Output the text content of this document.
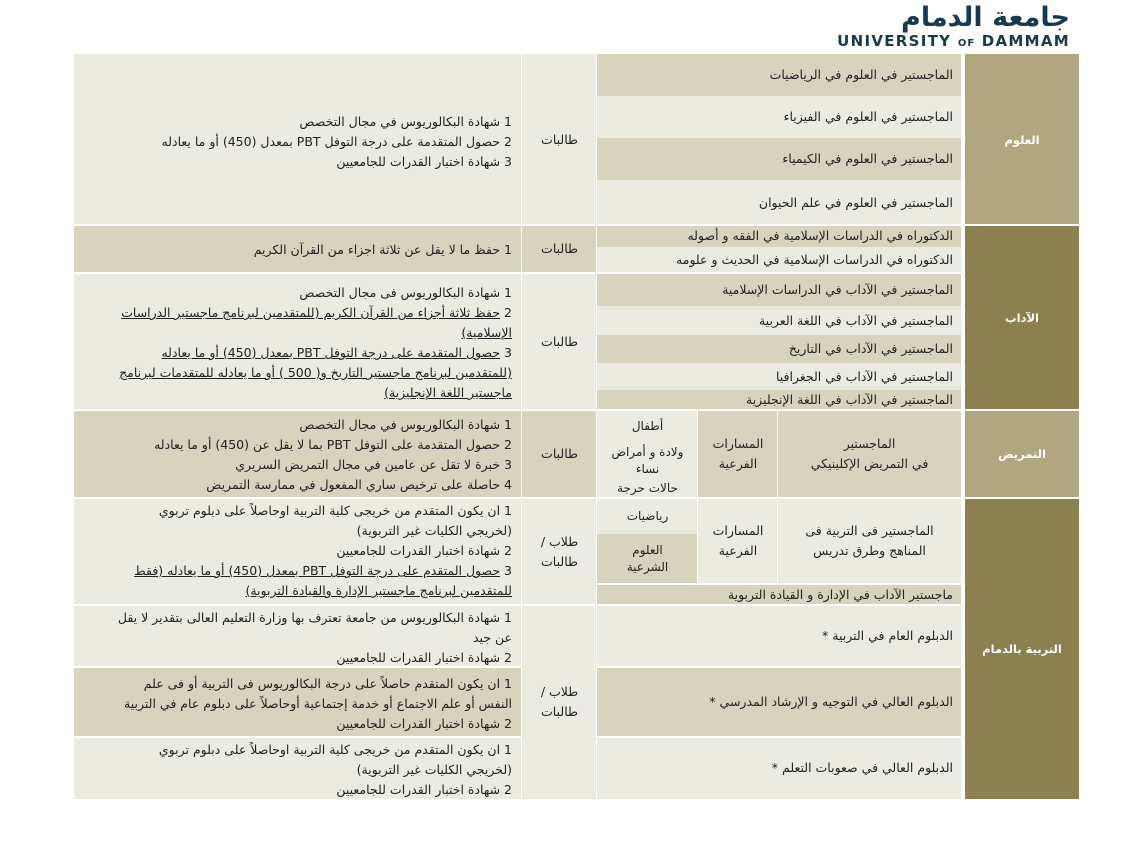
جامعة الدمام
UNIVERSITY OF DAMMAM
العلوم
الآداب
التمريض
التربية بالدمام
الماجستير في العلوم في الرياضيات
الماجستير في العلوم في الفيزياء
الماجستير في العلوم في الكيمياء
الماجستير في العلوم في علم الحيوان
طالبات
1 شهادة البكالوريوس في مجال التخصص
2 حصول المتقدمة على درجة التوفل PBT بمعدل (450) أو ما يعادله
3 شهادة اختبار القدرات للجامعيين
الدكتوراه في الدراسات الإسلامية في الفقه و أصوله
الدكتوراه في الدراسات الإسلامية في الحديث و علومه
طالبات
1 حفظ ما لا يقل عن ثلاثة اجزاء من القرآن الكريم
الماجستير في الآداب في الدراسات الإسلامية
الماجستير في الآداب في اللغة العربية
الماجستير في الآداب في التاريخ
الماجستير في الآداب في الجغرافيا
الماجستير في الآداب في اللغة الإنجليزية
طالبات
1 شهادة البكالوريوس فى مجال التخصص
2 حفظ ثلاثة أجزاء من القرآن الكريم (للمتقدمين لبرنامج ماجستير الدراسات
الإسلامية)
3 حصول المتقدمة على درجة التوفل PBT بمعدل (450) أو ما يعادله
(للمتقدمين لبرنامج ماجستير التاريخ و( 500 ) أو ما يعادله للمتقدمات لبرنامج
ماجستير اللغة الإنجليزية)
الماجستير
في التمريض الإكلينيكي
المسارات
الفرعية
أطفال
ولادة و أمراض نساء
حالات حرجة
طالبات
1 شهادة البكالوريوس في مجال التخصص
2 حصول المتقدمة على التوفل PBT بما لا يقل عن (450) أو ما يعادله
3 خبرة لا تقل عن عامين في مجال التمريض السريري
4 حاصلة على ترخيص ساري المفعول في ممارسة التمريض
الماجستير فى التربية فى
المناهج وطرق تدريس
المسارات
الفرعية
رياضيات
العلوم الشرعية
ماجستير الآداب في الإدارة و القيادة التربوية
طلاب / طالبات
1 ان يكون المتقدم من خريجى كلية التربية اوحاصلاً على دبلوم تربوي
(لخريجي الكليات غير التربوية)
2 شهادة اختبار القدرات للجامعيين
3 حصول المتقدم على درجة التوفل PBT بمعدل (450) أو ما يعادله (فقط
للمتقدمين لبرنامج ماجستير الإدارة والقيادة التربوية)
الدبلوم العام في التربية *
الدبلوم العالي في التوجيه و الإرشاد المدرسي *
الدبلوم العالي في صعوبات التعلم *
طلاب / طالبات
1 شهادة البكالوريوس من جامعة تعترف بها وزارة التعليم العالى بتقدير لا يقل
عن جيد
2 شهادة اختبار القدرات للجامعيين
1 ان يكون المتقدم حاصلاً على درجة البكالوريوس فى التربية أو فى علم
النفس أو علم الاجتماع أو خدمة إجتماعية أوحاصلاً على دبلوم عام في التربية
2 شهادة اختبار القدرات للجامعيين
1 ان يكون المتقدم من خريجى كلية التربية اوحاصلاً على دبلوم تربوي
(لخريجي الكليات غير التربوية)
2 شهادة اختبار القدرات للجامعيين
